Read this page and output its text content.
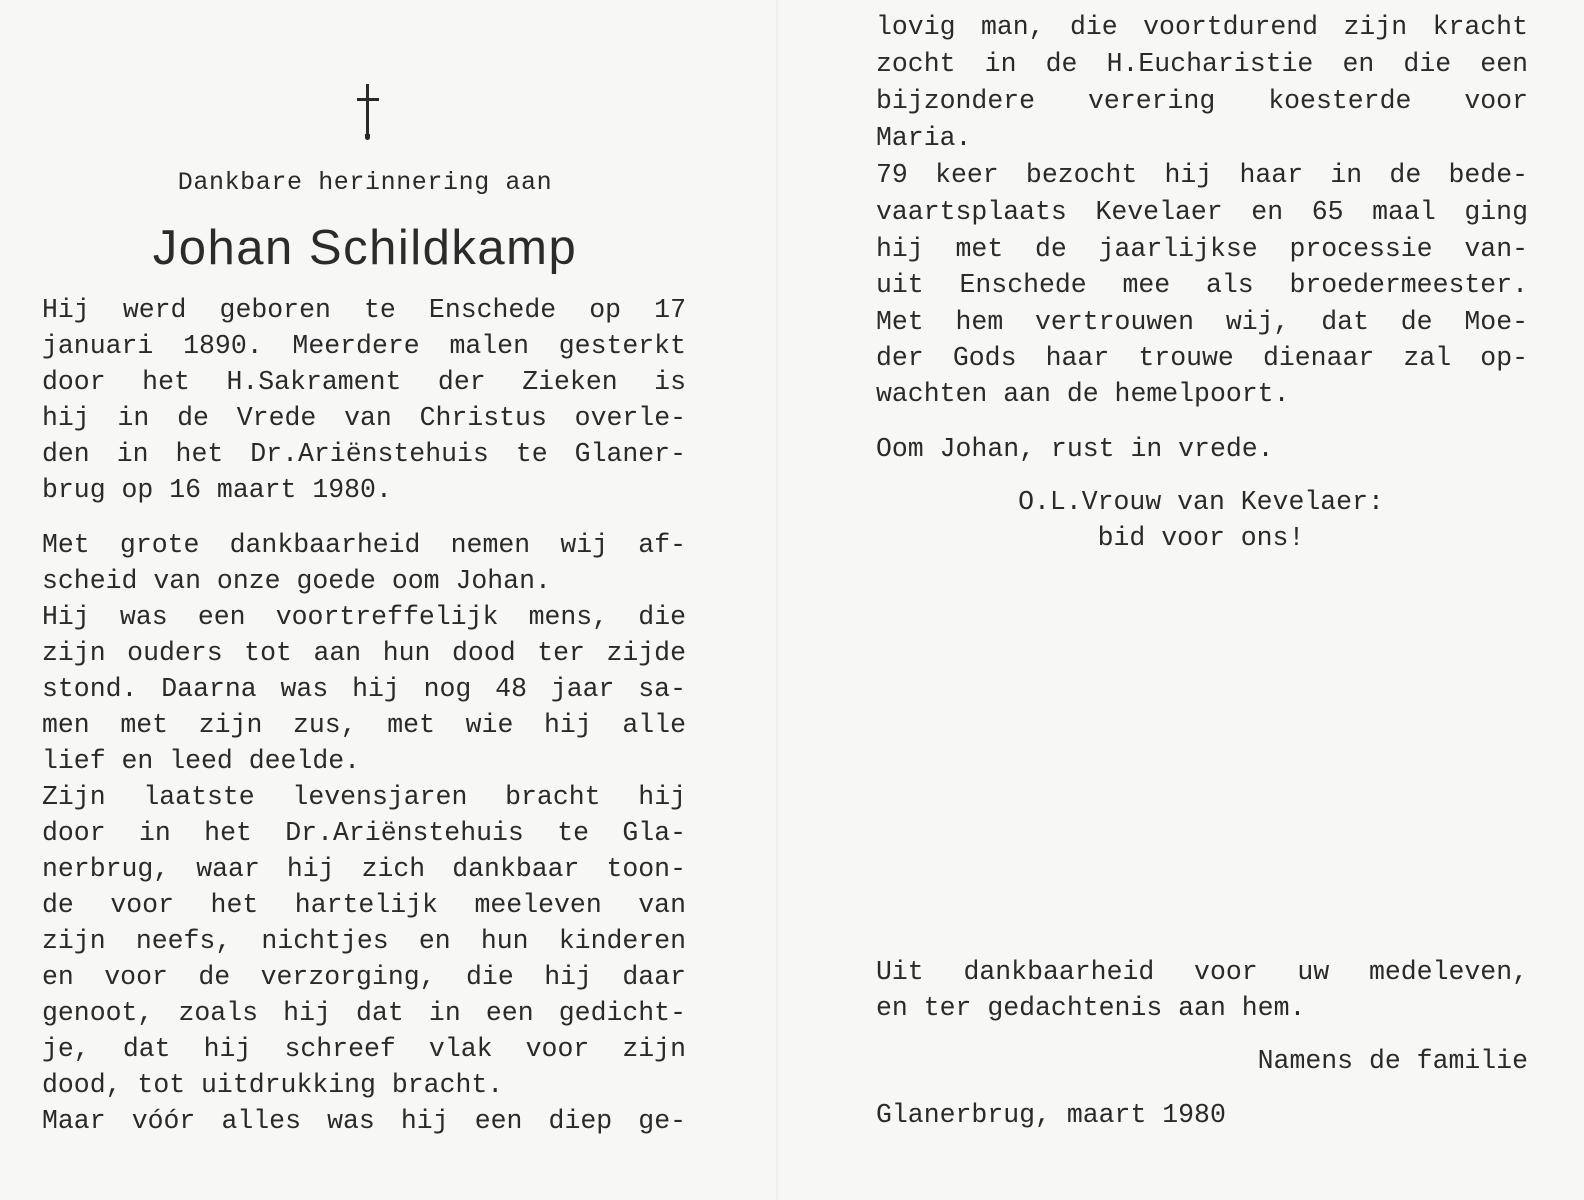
Dankbare herinnering aan
Johan Schildkamp
Hij werd geboren te Enschede op 17
januari 1890. Meerdere malen gesterkt
door het H.Sakrament der Zieken is
hij in de Vrede van Christus overle-
den in het Dr.Ariënstehuis te Glaner-
brug op 16 maart 1980.
Met grote dankbaarheid nemen wij af-
scheid van onze goede oom Johan.
Hij was een voortreffelijk mens, die
zijn ouders tot aan hun dood ter zijde
stond. Daarna was hij nog 48 jaar sa-
men met zijn zus, met wie hij alle
lief en leed deelde.
Zijn laatste levensjaren bracht hij
door in het Dr.Ariënstehuis te Gla-
nerbrug, waar hij zich dankbaar toon-
de voor het hartelijk meeleven van
zijn neefs, nichtjes en hun kinderen
en voor de verzorging, die hij daar
genoot, zoals hij dat in een gedicht-
je, dat hij schreef vlak voor zijn
dood, tot uitdrukking bracht.
Maar vóór alles was hij een diep ge-
lovig man, die voortdurend zijn kracht
zocht in de H.Eucharistie en die een
bijzondere verering koesterde voor
Maria.
79 keer bezocht hij haar in de bede-
vaartsplaats Kevelaer en 65 maal ging
hij met de jaarlijkse processie van-
uit Enschede mee als broedermeester.
Met hem vertrouwen wij, dat de Moe-
der Gods haar trouwe dienaar zal op-
wachten aan de hemelpoort.
Oom Johan, rust in vrede.
O.L.Vrouw van Kevelaer:
bid voor ons!
Uit dankbaarheid voor uw medeleven,
en ter gedachtenis aan hem.
Namens de familie
Glanerbrug, maart 1980
